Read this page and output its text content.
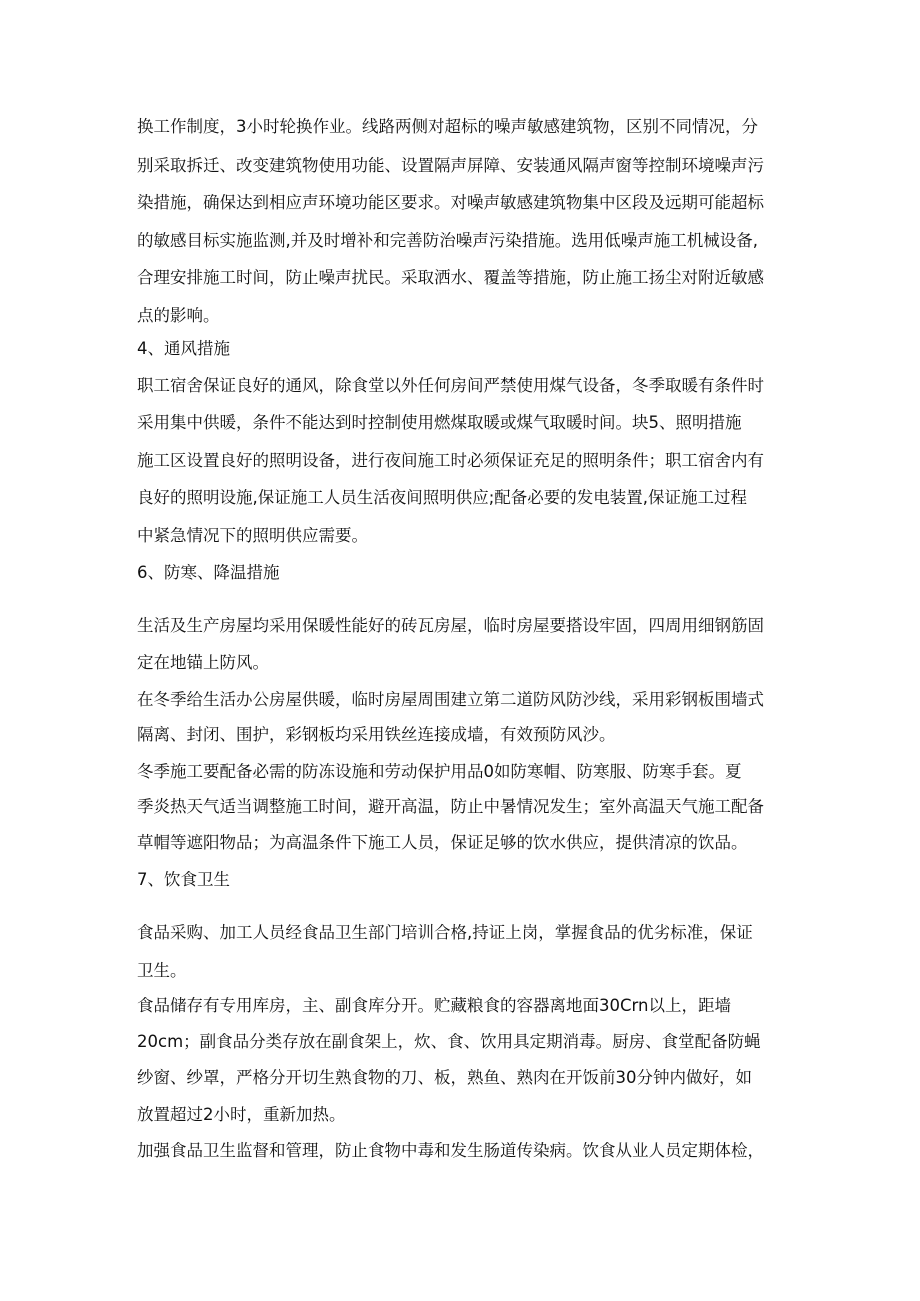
换工作制度，3小时轮换作业。线路两侧对超标的噪声敏感建筑物，区别不同情况，分
别采取拆迁、改变建筑物使用功能、设置隔声屏障、安装通风隔声窗等控制环境噪声污
染措施，确保达到相应声环境功能区要求。对噪声敏感建筑物集中区段及远期可能超标
的敏感目标实施监测,并及时增补和完善防治噪声污染措施。选用低噪声施工机械设备,
合理安排施工时间，防止噪声扰民。采取洒水、覆盖等措施，防止施工扬尘对附近敏感
点的影响。
4、通风措施
职工宿舍保证良好的通风，除食堂以外任何房间严禁使用煤气设备，冬季取暖有条件时
采用集中供暖，条件不能达到时控制使用燃煤取暖或煤气取暖时间。块5、照明措施
施工区设置良好的照明设备，进行夜间施工时必须保证充足的照明条件；职工宿舍内有
良好的照明设施,保证施工人员生活夜间照明供应;配备必要的发电装置,保证施工过程
中紧急情况下的照明供应需要。
6、防寒、降温措施
生活及生产房屋均采用保暖性能好的砖瓦房屋，临时房屋要搭设牢固，四周用细钢筋固
定在地锚上防风。
在冬季给生活办公房屋供暖，临时房屋周围建立第二道防风防沙线，采用彩钢板围墙式
隔离、封闭、围护，彩钢板均采用铁丝连接成墙，有效预防风沙。
冬季施工要配备必需的防冻设施和劳动保护用品0如防寒帽、防寒服、防寒手套。夏
季炎热天气适当调整施工时间，避开高温，防止中暑情况发生；室外高温天气施工配备
草帽等遮阳物品；为高温条件下施工人员，保证足够的饮水供应，提供清凉的饮品。
7、饮食卫生
食品采购、加工人员经食品卫生部门培训合格,持证上岗，掌握食品的优劣标准，保证
卫生。
食品储存有专用库房，主、副食库分开。贮藏粮食的容器离地面30Crn以上，距墙
20cm；副食品分类存放在副食架上，炊、食、饮用具定期消毒。厨房、食堂配备防蝇
纱窗、纱罩，严格分开切生熟食物的刀、板，熟鱼、熟肉在开饭前30分钟内做好，如
放置超过2小时，重新加热。
加强食品卫生监督和管理，防止食物中毒和发生肠道传染病。饮食从业人员定期体检，
